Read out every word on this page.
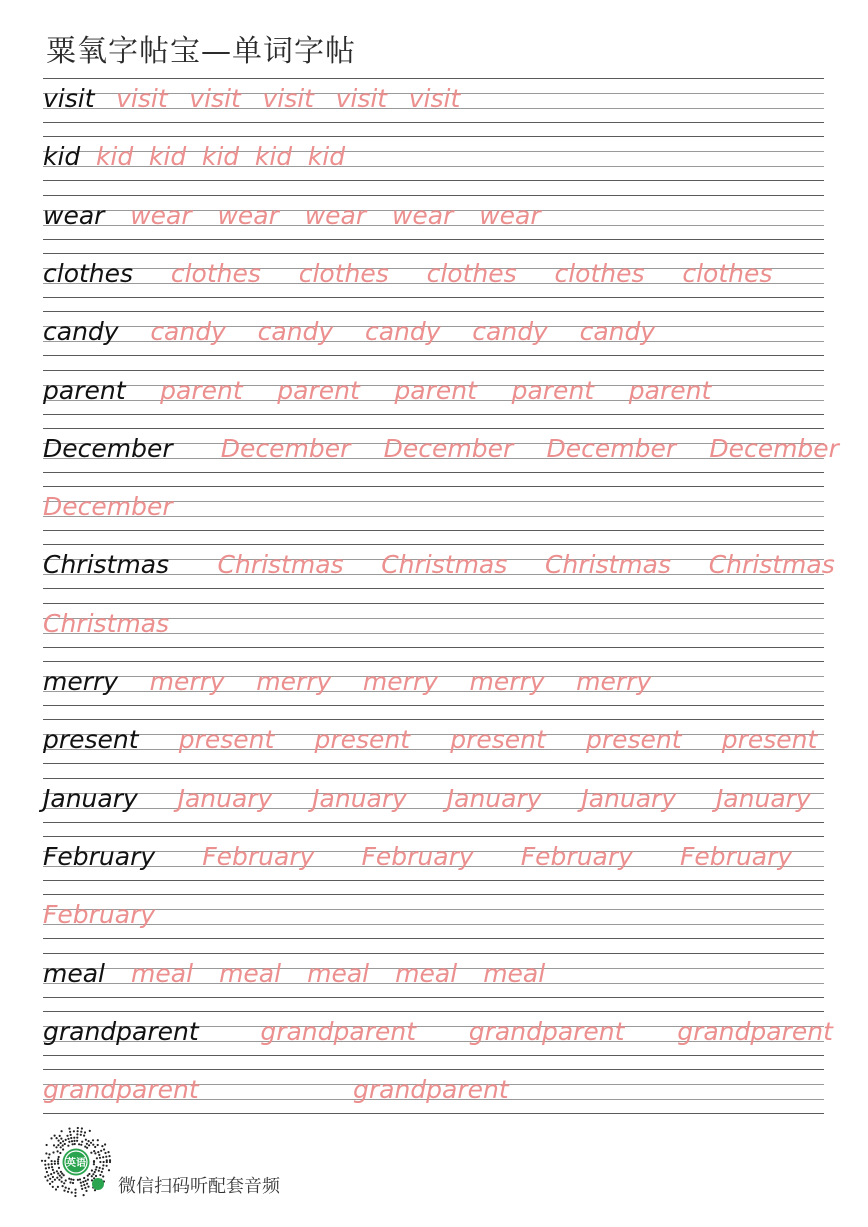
粟氧字帖宝—单词字帖
visit visit visit visit visit visit
kid kid kid kid kid kid
wear wear wear wear wear wear
clothes clothes clothes clothes clothes clothes
candy candy candy candy candy candy
parent parent parent parent parent parent
December December December December December
December
Christmas Christmas Christmas Christmas Christmas
Christmas
merry merry merry merry merry merry
present present present present present present
January January January January January January
February February February February February
February
meal meal meal meal meal meal
grandparent grandparent grandparent grandparent
grandparent	grandparent
英语
微信扫码听配套音频
